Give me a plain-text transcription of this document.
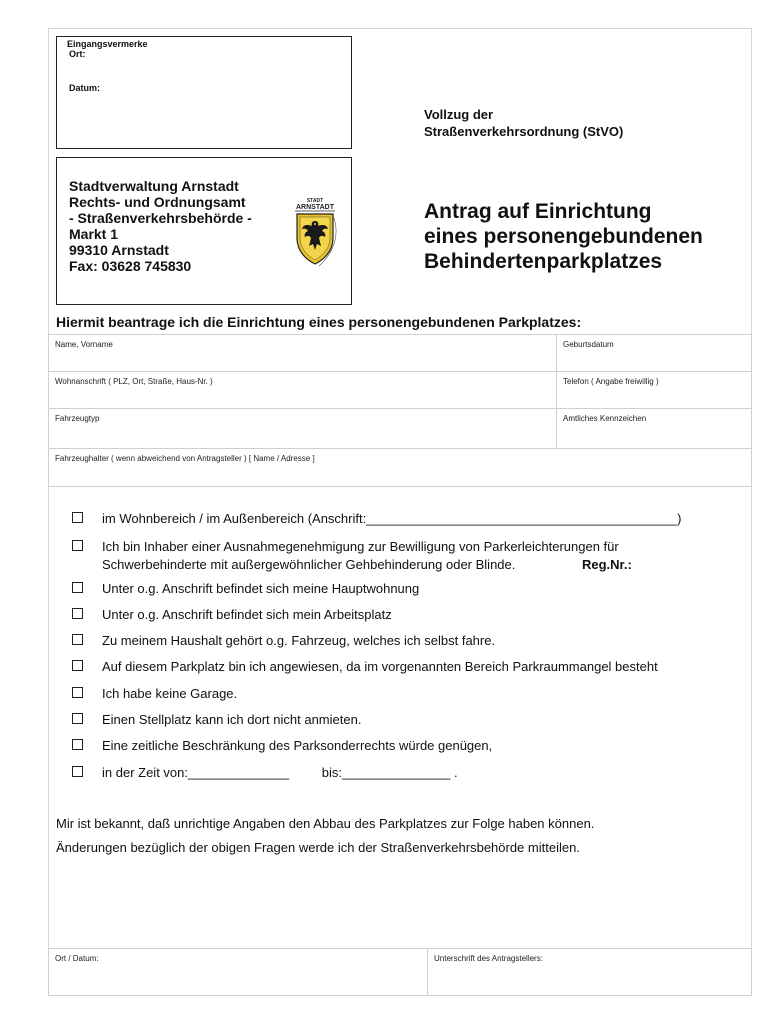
Eingangsvermerke
Ort:
Datum:
Stadtverwaltung Arnstadt
Rechts- und Ordnungsamt
- Straßenverkehrsbehörde -
Markt 1
99310 Arnstadt
Fax: 03628 745830
STADT
ARNSTADT
Vollzug der
Straßenverkehrsordnung (StVO)
Antrag auf Einrichtung
eines personengebundenen
Behindertenparkplatzes
Hiermit beantrage ich die Einrichtung eines personengebundenen Parkplatzes:
Name, Vorname	Geburtsdatum
Wohnanschrift ( PLZ, Ort, Straße, Haus-Nr. )	Telefon ( Angabe freiwillig )
Fahrzeugtyp	Amtliches Kennzeichen
Fahrzeughalter ( wenn abweichend von Antragsteller ) [ Name / Adresse ]	
im Wohnbereich / im Außenbereich (Anschrift:___________________________________________)
Ich bin Inhaber einer Ausnahmegenehmigung zur Bewilligung von Parkerleichterungen für
Schwerbehinderte mit außergewöhnlicher Gehbehinderung oder Blinde.	Reg.Nr.:
Unter o.g. Anschrift befindet sich meine Hauptwohnung
Unter o.g. Anschrift befindet sich mein Arbeitsplatz
Zu meinem Haushalt gehört o.g. Fahrzeug, welches ich selbst fahre.
Auf diesem Parkplatz bin ich angewiesen, da im vorgenannten Bereich Parkraummangel besteht
Ich habe keine Garage.
Einen Stellplatz kann ich dort nicht anmieten.
Eine zeitliche Beschränkung des Parksonderrechts würde genügen,
in der Zeit von:______________         bis:_______________ .
Mir ist bekannt, daß unrichtige Angaben den Abbau des Parkplatzes zur Folge haben können.
Änderungen bezüglich der obigen Fragen werde ich der Straßenverkehrsbehörde mitteilen.
Ort / Datum:	Unterschrift des Antragstellers:
